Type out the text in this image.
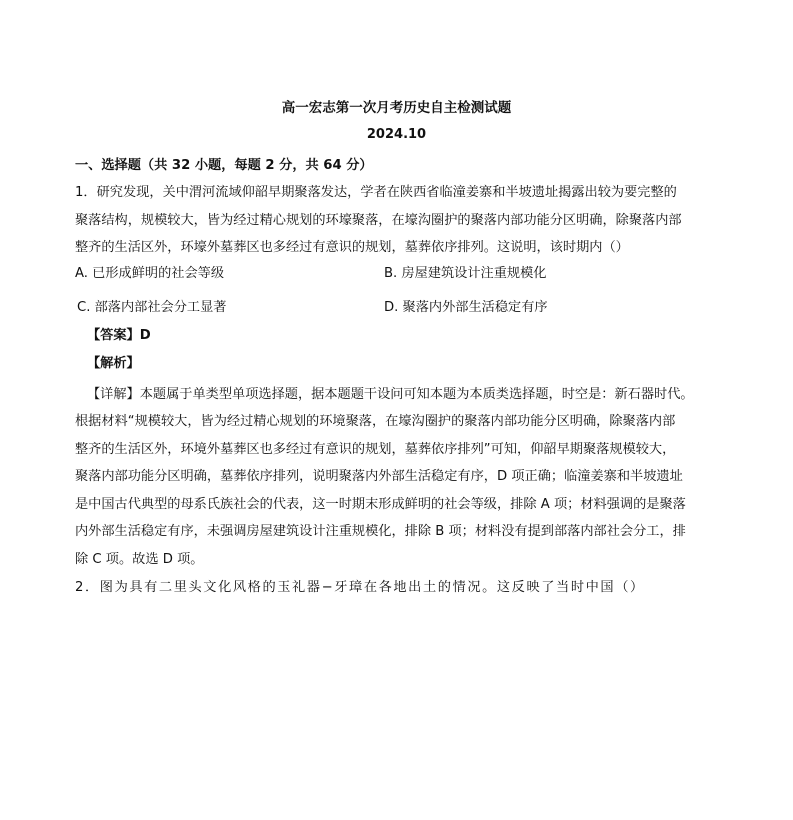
高一宏志第一次月考历史自主检测试题
2024.10
一、选择题（共 32 小题，每题 2 分，共 64 分）
1．研究发现，关中渭河流域仰韶早期聚落发达，学者在陕西省临潼姜寨和半坡遗址揭露出较为要完整的
聚落结构，规模较大，皆为经过精心规划的环壕聚落，在壕沟圈护的聚落内部功能分区明确，除聚落内部
整齐的生活区外，环壕外墓葬区也多经过有意识的规划，墓葬依序排列。这说明，该时期内（）
A. 已形成鲜明的社会等级	B. 房屋建筑设计注重规模化
C. 部落内部社会分工显著	D. 聚落内外部生活稳定有序
【答案】D
【解析】
【详解】本题属于单类型单项选择题，据本题题干设问可知本题为本质类选择题，时空是：新石器时代。
根据材料“规模较大，皆为经过精心规划的环境聚落，在壕沟圈护的聚落内部功能分区明确，除聚落内部
整齐的生活区外，环境外墓葬区也多经过有意识的规划，墓葬依序排列”可知，仰韶早期聚落规模较大，
聚落内部功能分区明确，墓葬依序排列，说明聚落内外部生活稳定有序，D 项正确；临潼姜寨和半坡遗址
是中国古代典型的母系氏族社会的代表，这一时期末形成鲜明的社会等级，排除 A 项；材料强调的是聚落
内外部生活稳定有序，未强调房屋建筑设计注重规模化，排除 B 项；材料没有提到部落内部社会分工，排
除 C 项。故选 D 项。
2．图为具有二里头文化风格的玉礼器−牙璋在各地出土的情况。这反映了当时中国（）
